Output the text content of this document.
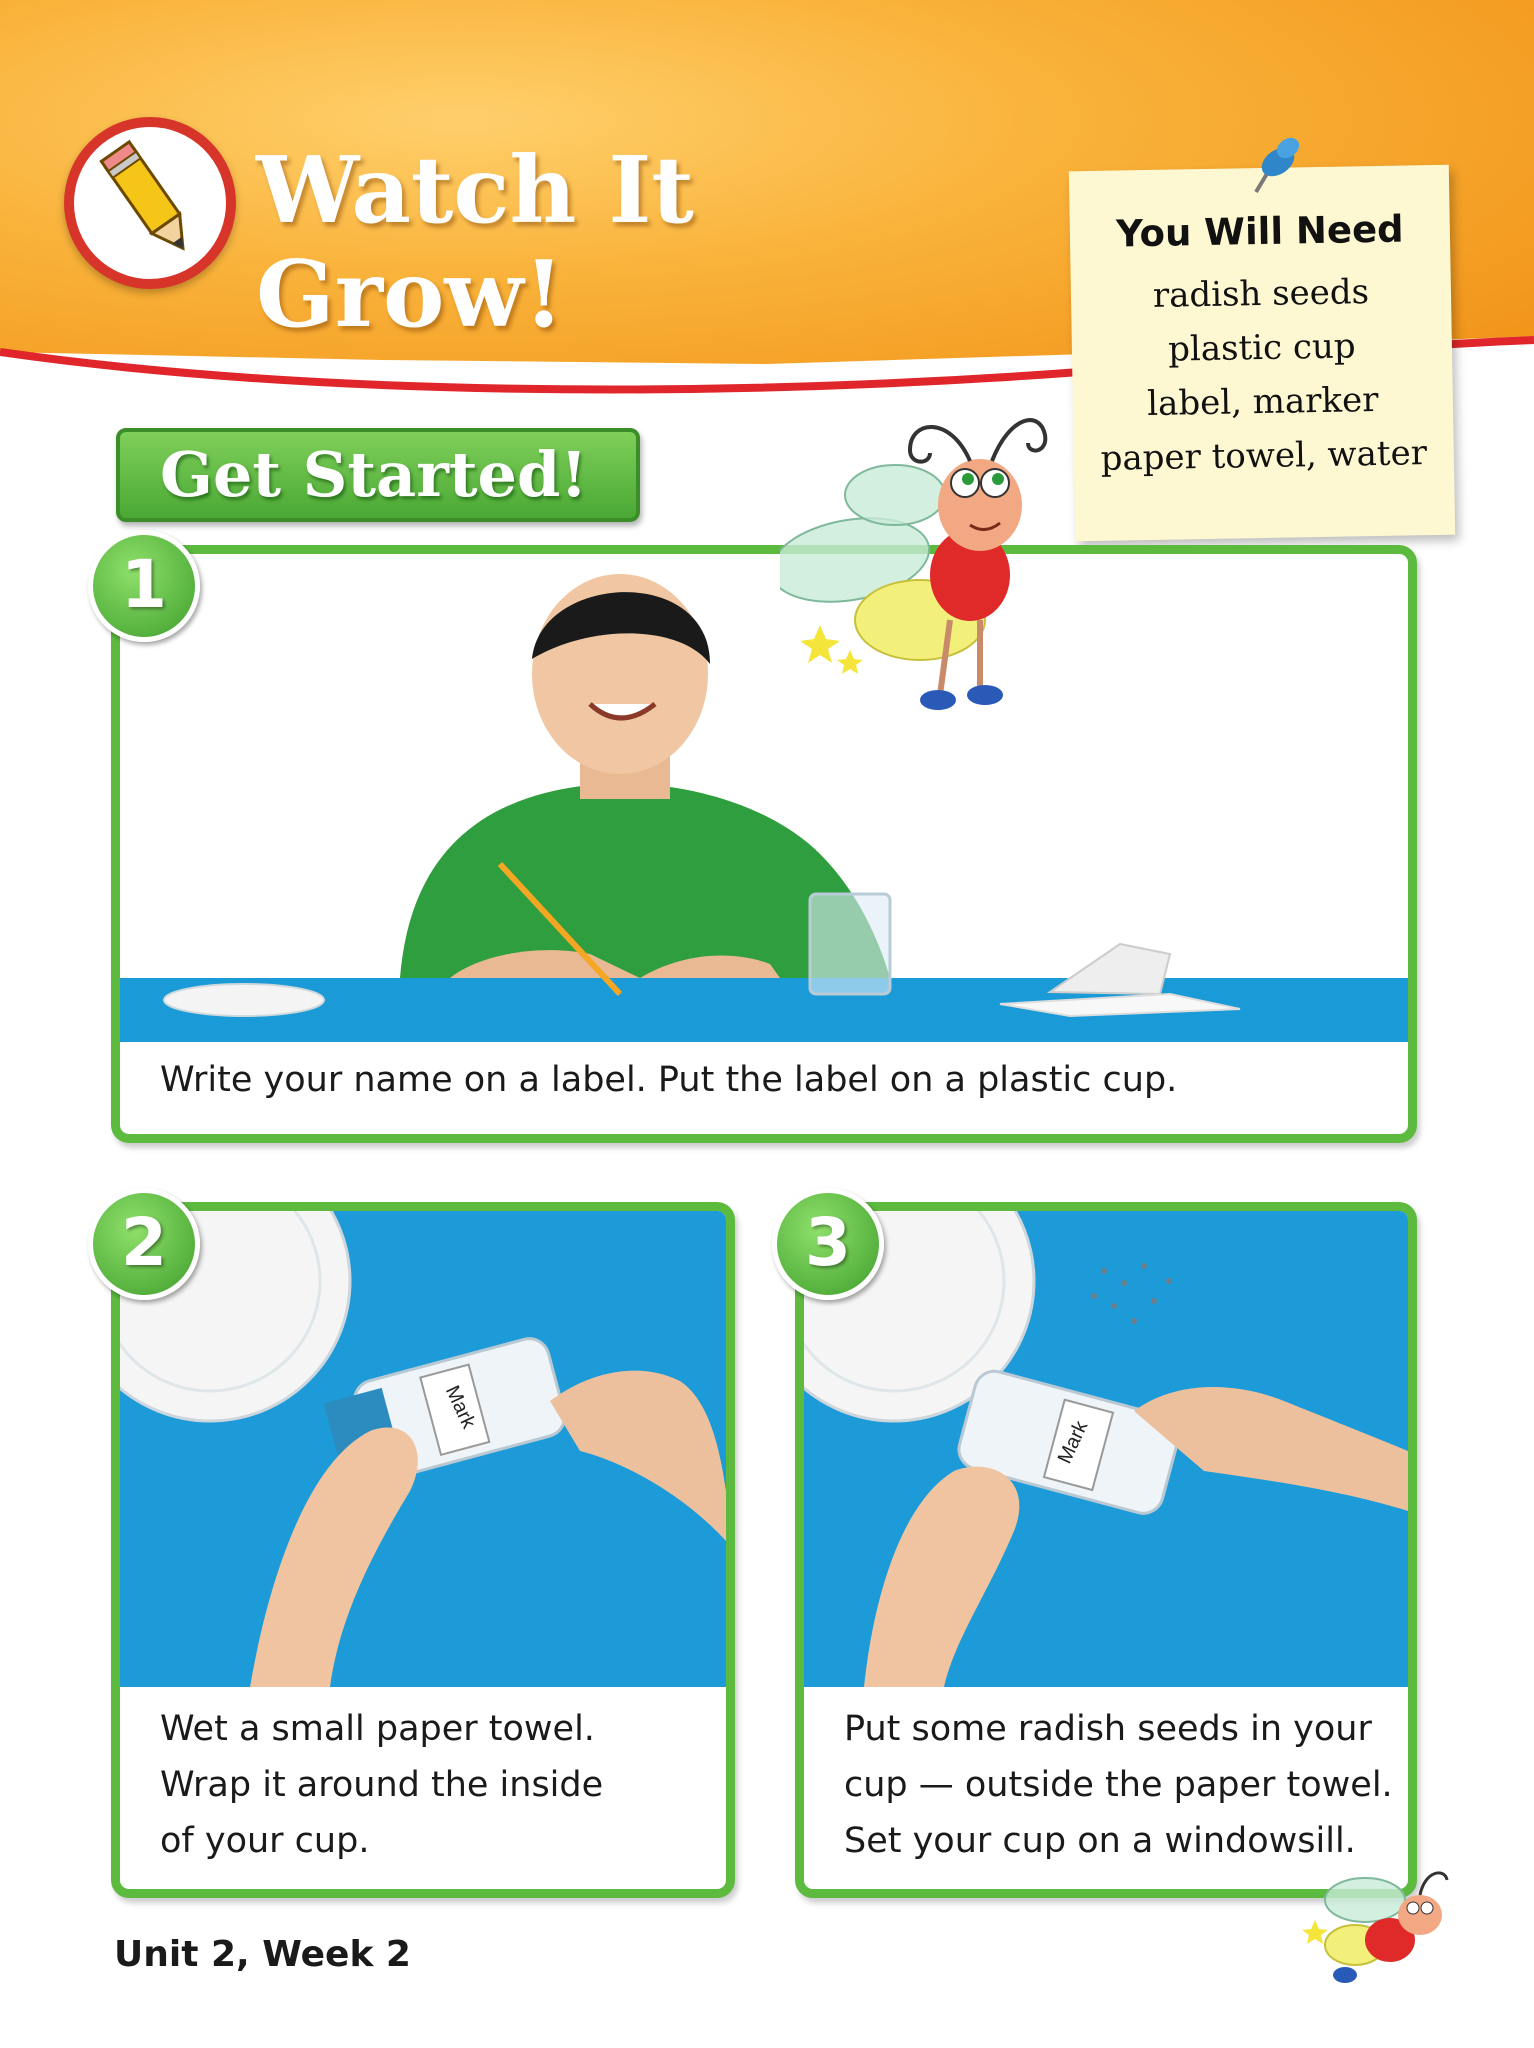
Watch It
Grow!
You Will Need
radish seeds
plastic cup
label, marker
paper towel, water
Get Started!
Write your name on a label. Put the label on a plastic cup.
1
Mark
Wet a small paper towel.
Wrap it around the inside
of your cup.
2
Mark
Put some radish seeds in your
cup — outside the paper towel.
Set your cup on a windowsill.
3
Unit 2, Week 2
